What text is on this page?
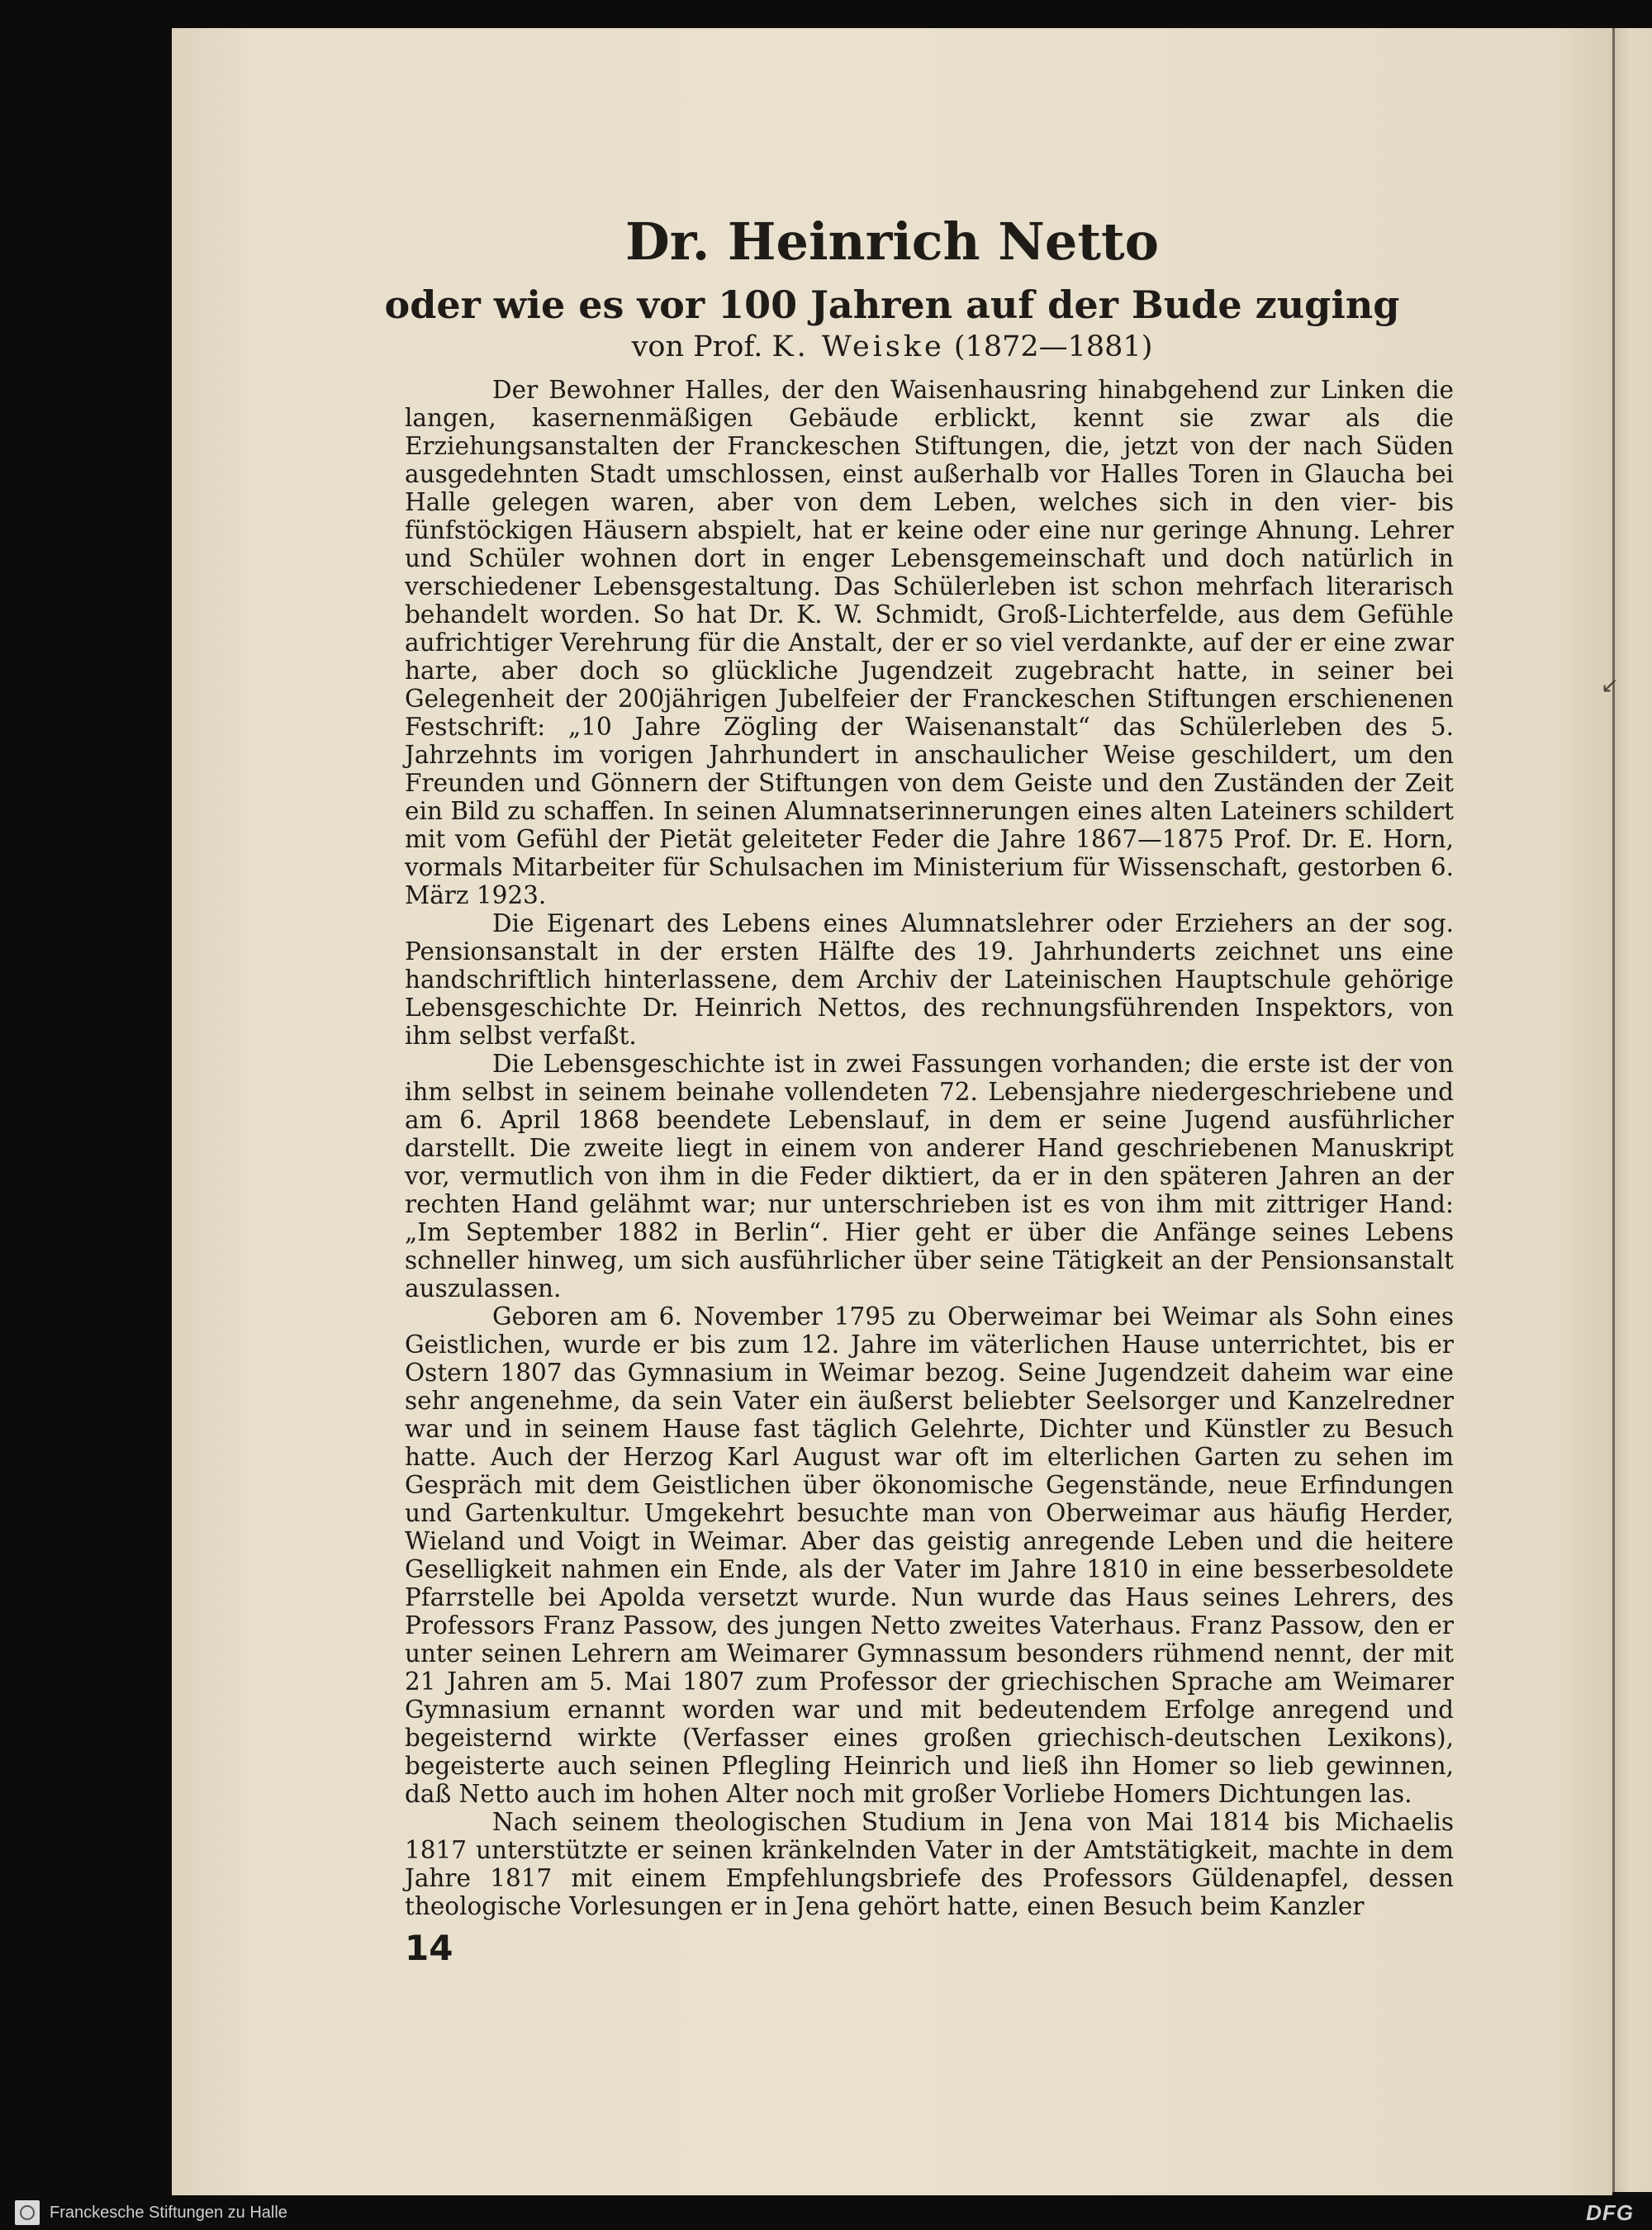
Dr. Heinrich Netto
oder wie es vor 100 Jahren auf der Bude zuging
von Prof. K. Weiske (1872—1881)

Der Bewohner Halles, der den Waisenhausring hinabgehend zur Linken die langen, kasernenmäßigen Gebäude erblickt, kennt sie zwar als die Erziehungsanstalten der Franckeschen Stiftungen, die, jetzt von der nach Süden ausgedehnten Stadt umschlossen, einst außerhalb vor Halles Toren in Glaucha bei Halle gelegen waren, aber von dem Leben, welches sich in den vier- bis fünfstöckigen Häusern abspielt, hat er keine oder eine nur geringe Ahnung. Lehrer und Schüler wohnen dort in enger Lebensgemeinschaft und doch natürlich in verschiedener Lebensgestaltung. Das Schülerleben ist schon mehrfach literarisch behandelt worden. So hat Dr. K. W. Schmidt, Groß-Lichterfelde, aus dem Gefühle aufrichtiger Verehrung für die Anstalt, der er so viel verdankte, auf der er eine zwar harte, aber doch so glückliche Jugendzeit zugebracht hatte, in seiner bei Gelegenheit der 200jährigen Jubelfeier der Franckeschen Stiftungen erschienenen Festschrift: „10 Jahre Zögling der Waisenanstalt“ das Schülerleben des 5. Jahrzehnts im vorigen Jahrhundert in anschaulicher Weise geschildert, um den Freunden und Gönnern der Stiftungen von dem Geiste und den Zuständen der Zeit ein Bild zu schaffen. In seinen Alumnatserinnerungen eines alten Lateiners schildert mit vom Gefühl der Pietät geleiteter Feder die Jahre 1867—1875 Prof. Dr. E. Horn, vormals Mitarbeiter für Schulsachen im Ministerium für Wissenschaft, gestorben 6. März 1923.

Die Eigenart des Lebens eines Alumnatslehrer oder Erziehers an der sog. Pensionsanstalt in der ersten Hälfte des 19. Jahrhunderts zeichnet uns eine handschriftlich hinterlassene, dem Archiv der Lateinischen Hauptschule gehörige Lebensgeschichte Dr. Heinrich Nettos, des rechnungsführenden Inspektors, von ihm selbst verfaßt.

Die Lebensgeschichte ist in zwei Fassungen vorhanden; die erste ist der von ihm selbst in seinem beinahe vollendeten 72. Lebensjahre niedergeschriebene und am 6. April 1868 beendete Lebenslauf, in dem er seine Jugend ausführlicher darstellt. Die zweite liegt in einem von anderer Hand geschriebenen Manuskript vor, vermutlich von ihm in die Feder diktiert, da er in den späteren Jahren an der rechten Hand gelähmt war; nur unterschrieben ist es von ihm mit zittriger Hand: „Im September 1882 in Berlin“. Hier geht er über die Anfänge seines Lebens schneller hinweg, um sich ausführlicher über seine Tätigkeit an der Pensionsanstalt auszulassen.

Geboren am 6. November 1795 zu Oberweimar bei Weimar als Sohn eines Geistlichen, wurde er bis zum 12. Jahre im väterlichen Hause unterrichtet, bis er Ostern 1807 das Gymnasium in Weimar bezog. Seine Jugendzeit daheim war eine sehr angenehme, da sein Vater ein äußerst beliebter Seelsorger und Kanzelredner war und in seinem Hause fast täglich Gelehrte, Dichter und Künstler zu Besuch hatte. Auch der Herzog Karl August war oft im elterlichen Garten zu sehen im Gespräch mit dem Geistlichen über ökonomische Gegenstände, neue Erfindungen und Gartenkultur. Umgekehrt besuchte man von Oberweimar aus häufig Herder, Wieland und Voigt in Weimar. Aber das geistig anregende Leben und die heitere Geselligkeit nahmen ein Ende, als der Vater im Jahre 1810 in eine besserbesoldete Pfarrstelle bei Apolda versetzt wurde. Nun wurde das Haus seines Lehrers, des Professors Franz Passow, des jungen Netto zweites Vaterhaus. Franz Passow, den er unter seinen Lehrern am Weimarer Gymnassum besonders rühmend nennt, der mit 21 Jahren am 5. Mai 1807 zum Professor der griechischen Sprache am Weimarer Gymnasium ernannt worden war und mit bedeutendem Erfolge anregend und begeisternd wirkte (Verfasser eines großen griechisch-deutschen Lexikons), begeisterte auch seinen Pflegling Heinrich und ließ ihn Homer so lieb gewinnen, daß Netto auch im hohen Alter noch mit großer Vorliebe Homers Dichtungen las.

Nach seinem theologischen Studium in Jena von Mai 1814 bis Michaelis 1817 unterstützte er seinen kränkelnden Vater in der Amtstätigkeit, machte in dem Jahre 1817 mit einem Empfehlungsbriefe des Professors Güldenapfel, dessen theologische Vorlesungen er in Jena gehört hatte, einen Besuch beim Kanzler

14
↙
Franckesche Stiftungen zu Halle	DFG
